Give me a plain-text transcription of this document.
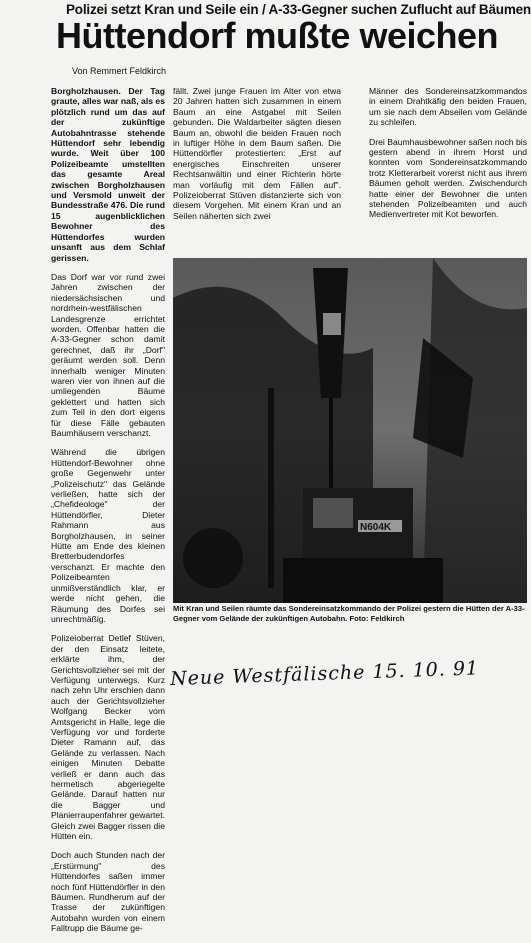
Polizei setzt Kran und Seile ein / A-33-Gegner suchen Zuflucht auf Bäumen
Hüttendorf mußte weichen
Von Remmert Feldkirch

Borgholzhausen. Der Tag graute, alles war naß, als es plötzlich rund um das auf der zukünftige Autobahntrasse stehende Hüttendorf sehr lebendig wurde. Weit über 100 Polizeibeamte umstellten das gesamte Areal zwischen Borgholzhausen und Versmold unweit der Bundesstraße 476. Die rund 15 augenblicklichen Bewohner des Hüttendorfes wurden unsanft aus dem Schlaf gerissen.

Das Dorf war vor rund zwei Jahren zwischen der niedersächsischen und nordrhein-westfälischen Landesgrenze errichtet worden. Offenbar hatten die A-33-Gegner schon damit gerechnet, daß ihr „Dorf" geräumt werden soll. Denn innerhalb weniger Minuten waren vier von ihnen auf die umliegenden Bäume geklettert und hatten sich zum Teil in den dort eigens für diese Fälle gebauten Baumhäusern verschanzt.

Während die übrigen Hüttendorf-Bewohner ohne große Gegenwehr unter „Polizeischutz" das Gelände verließen, hatte sich der „Chefideologe" der Hüttendörfler, Dieter Rahmann aus Borgholzhausen, in seiner Hütte am Ende des kleinen Bretterbudendorfes verschanzt. Er machte den Polizeibeamten unmißverständlich klar, er werde nicht gehen, die Räumung des Dorfes sei unrechtmäßig.

Polizeioberrat Detlef Stüven, der den Einsatz leitete, erklärte ihm, der Gerichtsvollzieher sei mit der Verfügung unterwegs. Kurz nach zehn Uhr erschien dann auch der Gerichtsvollzieher Wolfgang Becker vom Amtsgericht in Halle, lege die Verfügung vor und forderte Dieter Ramann auf, das Gelände zu verlassen. Nach einigen Minuten Debatte verließ er dann auch das hermetisch abgeriegelte Gelände. Darauf hatten nur die Bagger und Planierraupenfahrer gewartet. Gleich zwei Bagger rissen die Hütten ein.

Doch auch Stunden nach der „Erstürmung" des Hüttendorfes saßen immer noch fünf Hüttendörfler in den Bäumen. Rundherum auf der Trasse der zukünftigen Autobahn wurden von einem Falltrupp die Bäume ge-

fällt. Zwei junge Frauen im Alter von etwa 20 Jahren hatten sich zusammen in einem Baum an eine Astgabel mit Seilen gebunden. Die Waldarbeiter sägten diesen Baum an, obwohl die beiden Frauen noch in luftiger Höhe in dem Baum saßen. Die Hüttendörfler protestierten: „Erst auf energisches Einschreiten unserer Rechtsanwältin und einer Richterin hörte man vorläufig mit dem Fällen auf". Polizeioberrat Stüven distanzierte sich von diesem Vorgehen. Mit einem Kran und an Seilen näherten sich zwei

Männer des Sondereinsatzkommandos in einem Drahtkäfig den beiden Frauen, um sie nach dem Abseilen vom Gelände zu schleifen.

Drei Baumhausbewohner saßen noch bis gestern abend in ihrem Horst und konnten vom Sondereinsatzkommando trotz Kletterarbeit vorerst nicht aus ihrem Bäumen geholt werden. Zwischendurch hatte einer der Bewohner die unten stehenden Polizeibeamten und auch Medienvertreter mit Kot beworfen.

N604K
Mit Kran und Seilen räumte das Sondereinsatzkommando der Polizei gestern die Hütten der A-33-Gegner vom Gelände der zukünftigen Autobahn. Foto: Feldkirch
Neue Westfälische 15. 10. 91
